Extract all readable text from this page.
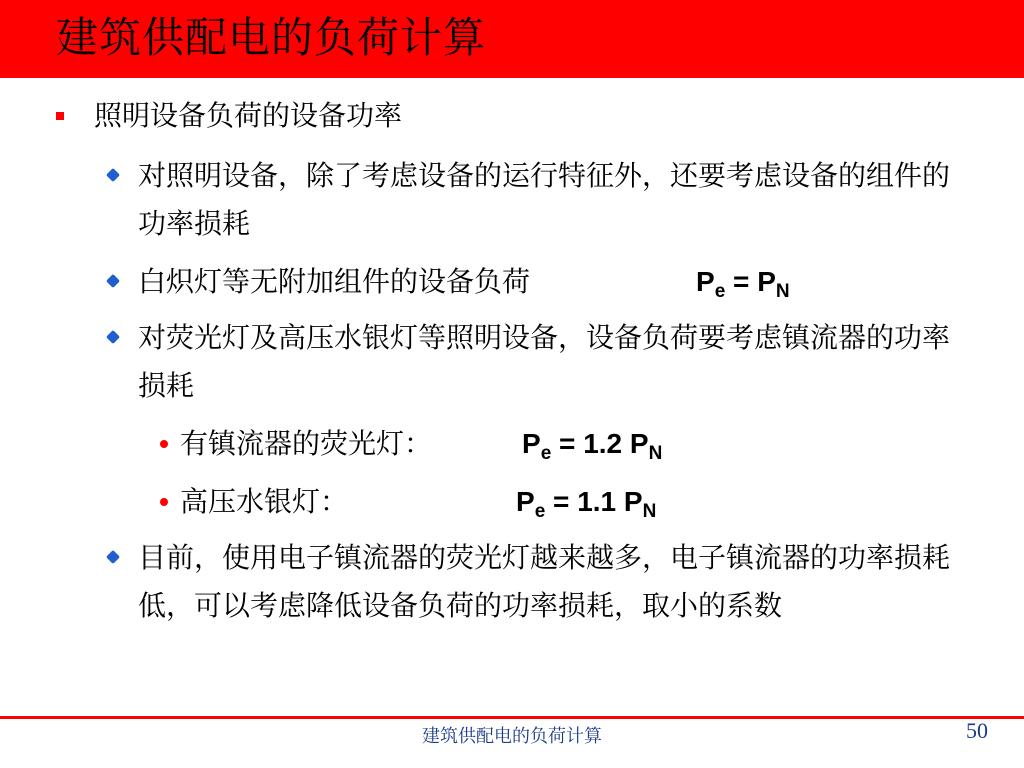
建筑供配电的负荷计算
照明设备负荷的设备功率
对照明设备，除了考虑设备的运行特征外，还要考虑设备的组件的功率损耗
白炽灯等无附加组件的设备负荷	$P_e = P_N$
对荧光灯及高压水银灯等照明设备，设备负荷要考虑镇流器的功率损耗
有镇流器的荧光灯：	$P_e = 1.2$ $P_N$
高压水银灯：	$P_e = 1.1$ $P_N$
目前，使用电子镇流器的荧光灯越来越多，电子镇流器的功率损耗低，可以考虑降低设备负荷的功率损耗，取小的系数
建筑供配电的负荷计算	50
